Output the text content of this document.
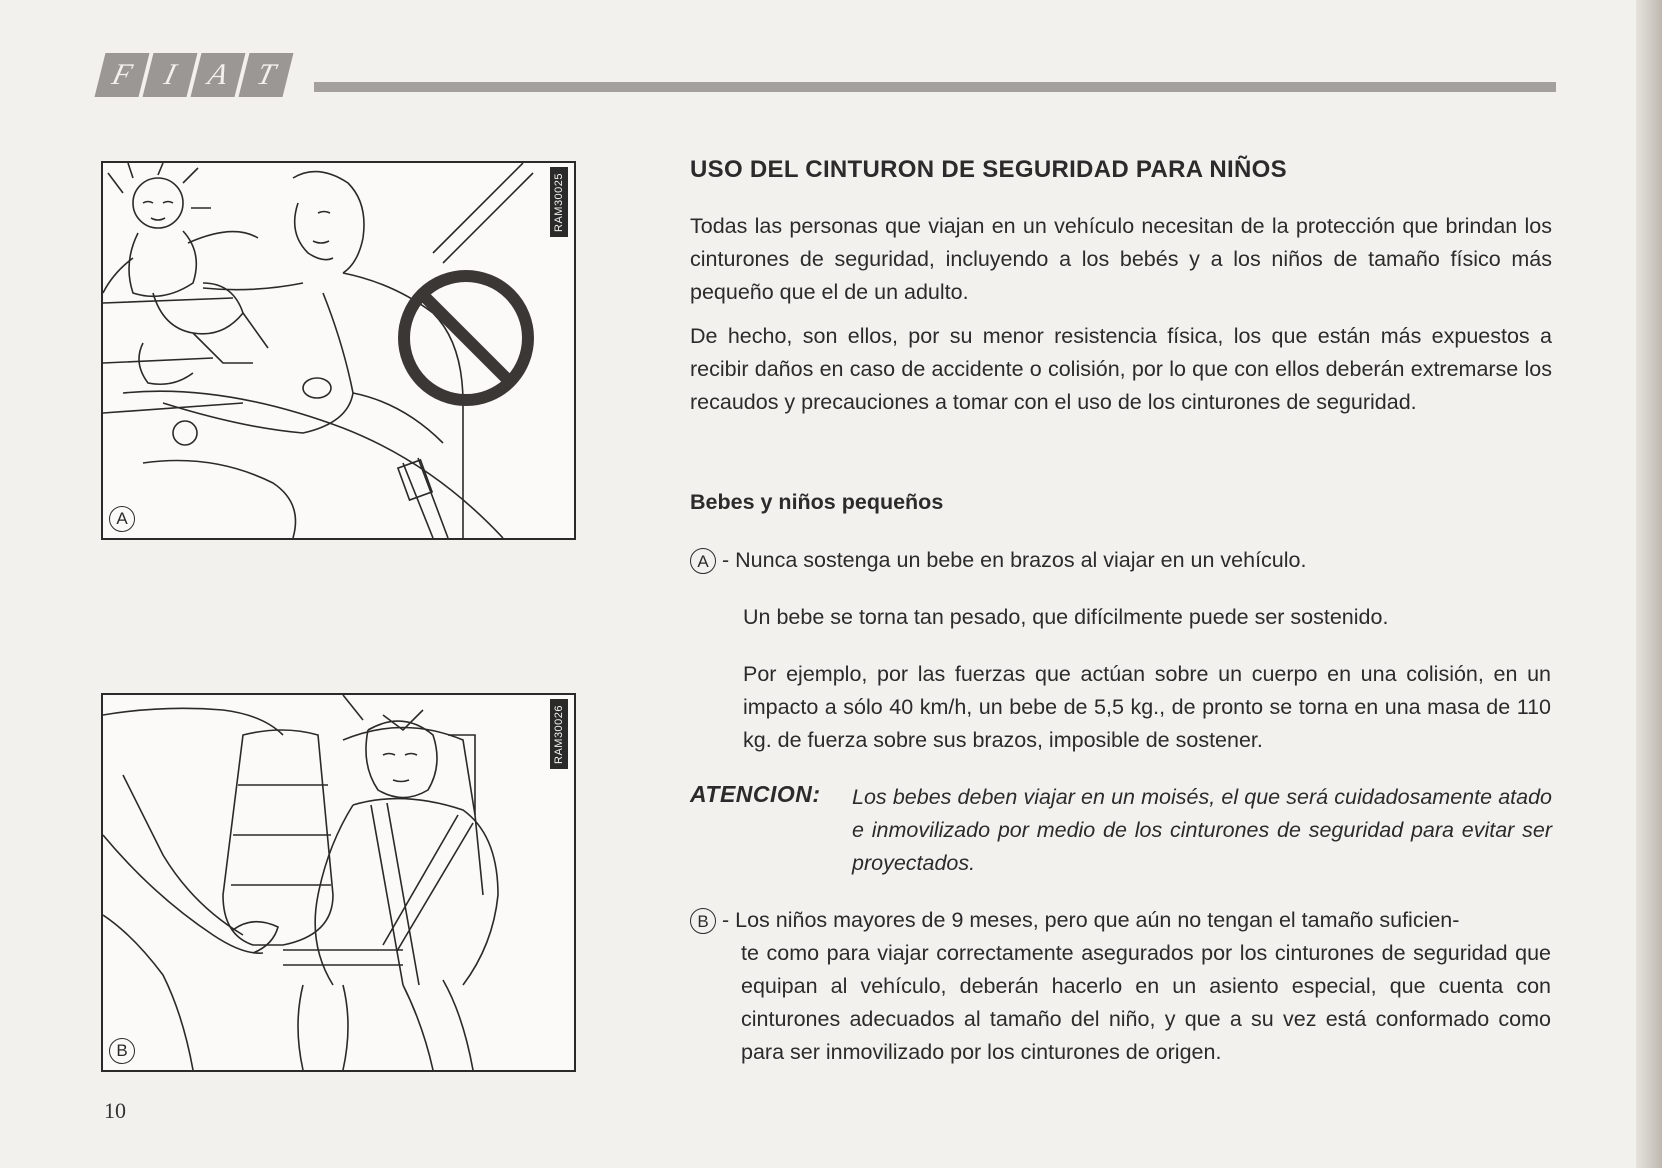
F I A T
RAM30025
A
RAM30026
B
10
USO DEL CINTURON DE SEGURIDAD PARA NIÑOS

Todas las personas que viajan en un vehículo necesitan de la protección que brindan los cinturones de seguridad, incluyendo a los bebés y a los niños de tamaño físico más pequeño que el de un adulto.

De hecho, son ellos, por su menor resistencia física, los que están más expuestos a recibir daños en caso de accidente o colisión, por lo que con ellos deberán extremarse los recaudos y precauciones a tomar con el uso de los cinturones de seguridad.

Bebes y niños pequeños

A - Nunca sostenga un bebe en brazos al viajar en un vehículo.

Un bebe se torna tan pesado, que difícilmente puede ser sostenido.

Por ejemplo, por las fuerzas que actúan sobre un cuerpo en una colisión, en un impacto a sólo 40 km/h, un bebe de 5,5 kg., de pronto se torna en una masa de 110 kg. de fuerza sobre sus brazos, imposible de sostener.

ATENCION: Los bebes deben viajar en un moisés, el que será cuidadosamente atado e inmovilizado por medio de los cinturones de seguridad para evitar ser proyectados.

B - Los niños mayores de 9 meses, pero que aún no tengan el tamaño suficien-

te como para viajar correctamente asegurados por los cinturones de seguridad que equipan al vehículo, deberán hacerlo en un asiento especial, que cuenta con cinturones adecuados al tamaño del niño, y que a su vez está conformado como para ser inmovilizado por los cinturones de origen.
